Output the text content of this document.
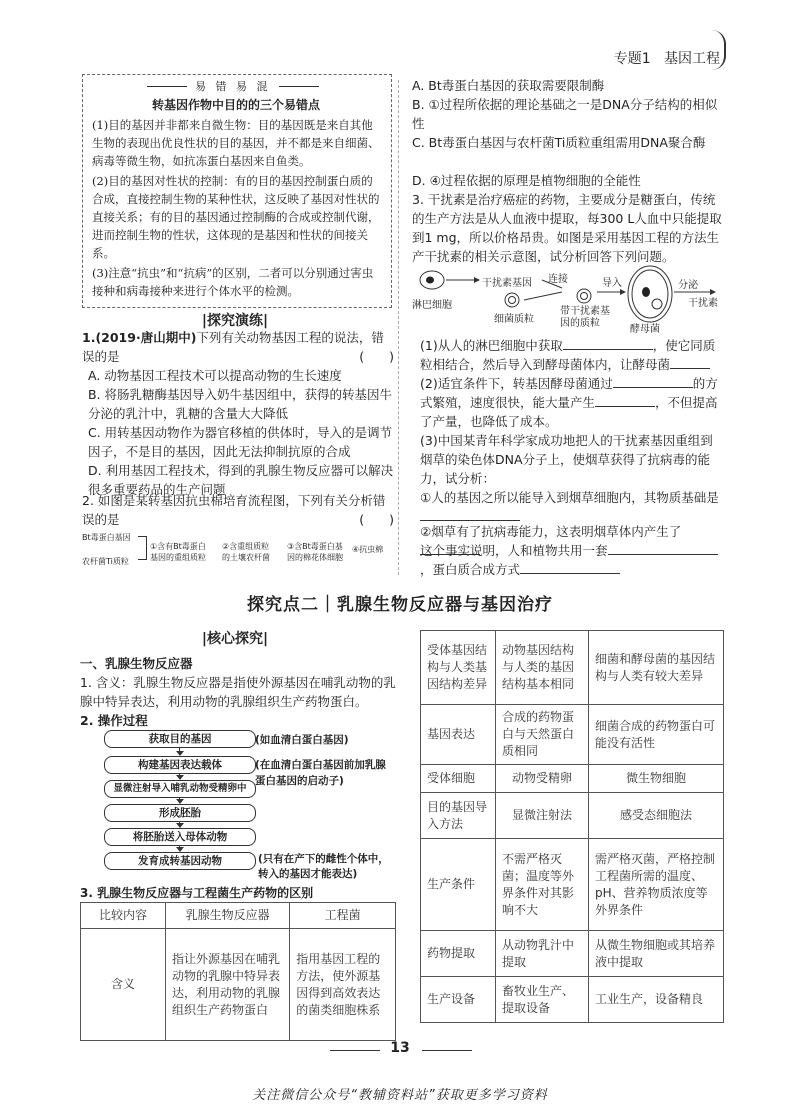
专题1 基因工程
易 错 易 混
转基因作物中目的的三个易错点
(1)目的基因并非都来自微生物：目的基因既是来自其他生物的表现出优良性状的目的基因，并不都是来自细菌、病毒等微生物，如抗冻蛋白基因来自鱼类。
(2)目的基因对性状的控制：有的目的基因控制蛋白质的合成，直接控制生物的某种性状，这反映了基因对性状的直接关系；有的目的基因通过控制酶的合成或控制代谢，进而控制生物的性状，这体现的是基因和性状的间接关系。
(3)注意“抗虫”和“抗病”的区别，二者可以分别通过害虫接种和病毒接种来进行个体水平的检测。
|探究演练|
1.(2019·唐山期中)下列有关动物基因工程的说法，错误的是	(　　)
A. 动物基因工程技术可以提高动物的生长速度
B. 将肠乳糖酶基因导入奶牛基因组中，获得的转基因牛分泌的乳汁中，乳糖的含量大大降低
C. 用转基因动物作为器官移植的供体时，导入的是调节因子，不是目的基因，因此无法抑制抗原的合成
D. 利用基因工程技术，得到的乳腺生物反应器可以解决很多重要药品的生产问题
2. 如图是某转基因抗虫棉培育流程图，下列有关分析错误的是	(　　)
Bt毒蛋白基因
农杆菌Ti质粒
①含有Bt毒蛋白基因的重组质粒
②含重组质粒的土壤农杆菌
③含Bt毒蛋白基因的棉花体细胞
④抗虫棉
A. Bt毒蛋白基因的获取需要限制酶
B. ①过程所依据的理论基础之一是DNA分子结构的相似性
C. Bt毒蛋白基因与农杆菌Ti质粒重组需用DNA聚合酶
D. ④过程依据的原理是植物细胞的全能性
3. 干扰素是治疗癌症的药物，主要成分是糖蛋白，传统的生产方法是从人血液中提取，每300 L人血中只能提取到1 mg，所以价格昂贵。如图是采用基因工程的方法生产干扰素的相关示意图，试分析回答下列问题。
淋巴细胞
干扰素基因
细菌质粒
连接
带干扰素基因的质粒
导入
酵母菌
分泌
干扰素
(1)从人的淋巴细胞中获取	，使它同质粒相结合，然后导入到酵母菌体内，让酵母菌
(2)适宜条件下，转基因酵母菌通过	的方式繁殖，速度很快，能大量产生	，不但提高了产量，也降低了成本。
(3)中国某青年科学家成功地把人的干扰素基因重组到烟草的染色体DNA分子上，使烟草获得了抗病毒的能力，试分析：
①人的基因之所以能导入到烟草细胞内，其物质基础是
②烟草有了抗病毒能力，这表明烟草体内产生了
这个事实说明，人和植物共用一套，蛋白质合成方式
探究点二｜乳腺生物反应器与基因治疗
|核心探究|
一、乳腺生物反应器
1. 含义：乳腺生物反应器是指使外源基因在哺乳动物的乳腺中特异表达，利用动物的乳腺组织生产药物蛋白。
2. 操作过程
获取目的基因
构建基因表达载体
显微注射导入哺乳动物受精卵中
形成胚胎
将胚胎送入母体动物
发育成转基因动物
(如血清白蛋白基因)
(在血清白蛋白基因前加乳腺蛋白基因的启动子)
(只有在产下的雌性个体中，转入的基因才能表达)
3. 乳腺生物反应器与工程菌生产药物的区别
比较内容	乳腺生物反应器	工程菌
含义	指让外源基因在哺乳动物的乳腺中特异表达，利用动物的乳腺组织生产药物蛋白	指用基因工程的方法，使外源基因得到高效表达的菌类细胞株系
受体基因结构与人类基因结构差异	动物基因结构与人类的基因结构基本相同	细菌和酵母菌的基因结构与人类有较大差异
基因表达	合成的药物蛋白与天然蛋白质相同	细菌合成的药物蛋白可能没有活性
受体细胞	动物受精卵	微生物细胞
目的基因导入方法	显微注射法	感受态细胞法
生产条件	不需严格灭菌；温度等外界条件对其影响不大	需严格灭菌，严格控制工程菌所需的温度、pH、营养物质浓度等外界条件
药物提取	从动物乳汁中提取	从微生物细胞或其培养液中提取
生产设备	畜牧业生产、提取设备	工业生产，设备精良
13
关注微信公众号“教辅资料站”获取更多学习资料
